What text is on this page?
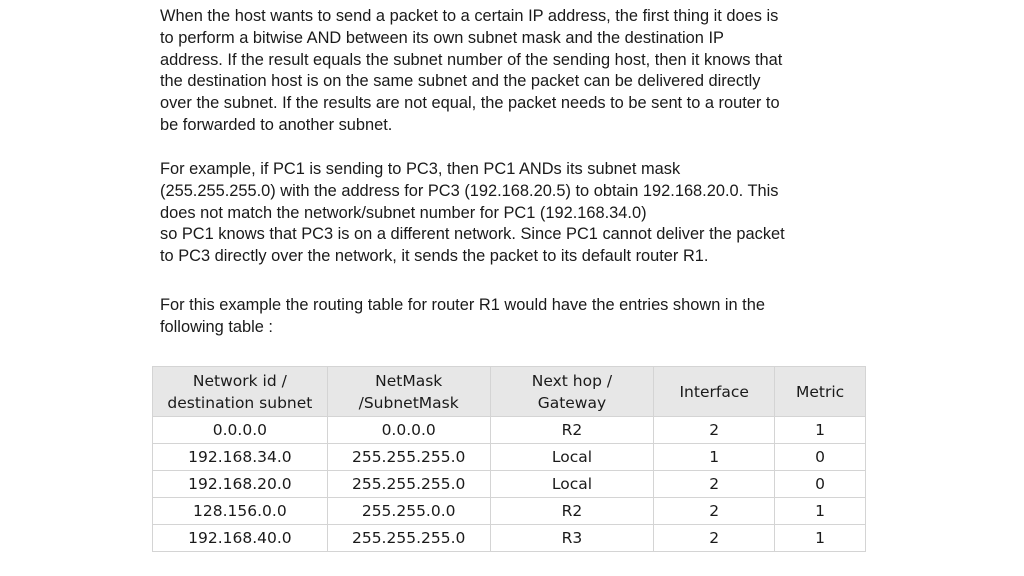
When the host wants to send a packet to a certain IP address, the first thing it does is
to perform a bitwise AND between its own subnet mask and the destination IP
address. If the result equals the subnet number of the sending host, then it knows that
the destination host is on the same subnet and the packet can be delivered directly
over the subnet. If the results are not equal, the packet needs to be sent to a router to
be forwarded to another subnet.

For example, if PC1 is sending to PC3, then PC1 ANDs its subnet mask
(255.255.255.0) with the address for PC3 (192.168.20.5) to obtain 192.168.20.0. This
does not match the network/subnet number for PC1 (192.168.34.0)
so PC1 knows that PC3 is on a different network. Since PC1 cannot deliver the packet
to PC3 directly over the network, it sends the packet to its default router R1.

For this example the routing table for router R1 would have the entries shown in the
following table :

Network id /
destination subnet	NetMask
/SubnetMask	Next hop /
Gateway	Interface	Metric
0.0.0.0	0.0.0.0	R2	2	1
192.168.34.0	255.255.255.0	Local	1	0
192.168.20.0	255.255.255.0	Local	2	0
128.156.0.0	255.255.0.0	R2	2	1
192.168.40.0	255.255.255.0	R3	2	1
